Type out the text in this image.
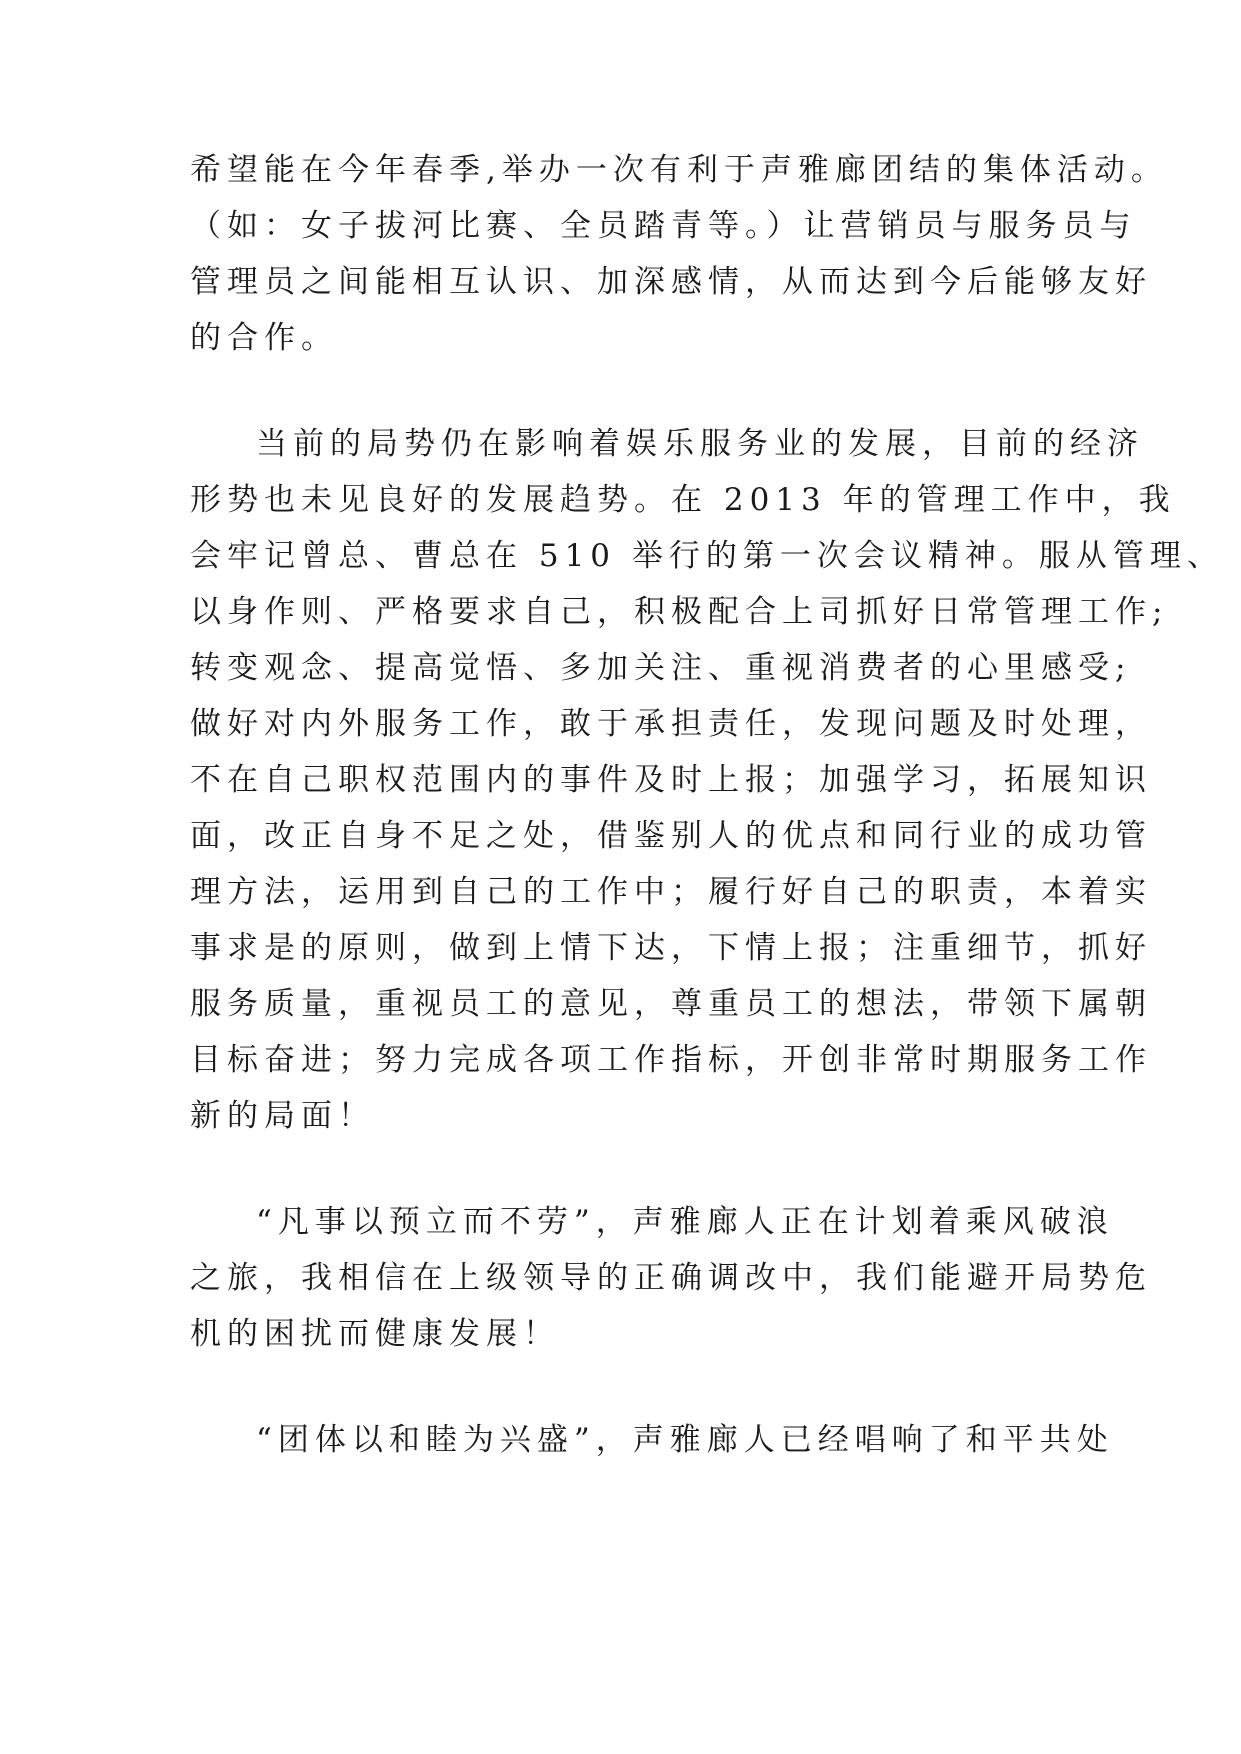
希望能在今年春季,举办一次有利于声雅廊团结的集体活动。
（如：女子拔河比赛、全员踏青等。）让营销员与服务员与
管理员之间能相互认识、加深感情，从而达到今后能够友好
的合作。
当前的局势仍在影响着娱乐服务业的发展，目前的经济
形势也未见良好的发展趋势。在 2013 年的管理工作中，我
会牢记曾总、曹总在 510 举行的第一次会议精神。服从管理、
以身作则、严格要求自己，积极配合上司抓好日常管理工作;
转变观念、提高觉悟、多加关注、重视消费者的心里感受;
做好对内外服务工作，敢于承担责任，发现问题及时处理，
不在自己职权范围内的事件及时上报；加强学习，拓展知识
面，改正自身不足之处，借鉴别人的优点和同行业的成功管
理方法，运用到自己的工作中；履行好自己的职责，本着实
事求是的原则，做到上情下达，下情上报；注重细节，抓好
服务质量，重视员工的意见，尊重员工的想法，带领下属朝
目标奋进；努力完成各项工作指标，开创非常时期服务工作
新的局面！
“凡事以预立而不劳”，声雅廊人正在计划着乘风破浪
之旅，我相信在上级领导的正确调改中，我们能避开局势危
机的困扰而健康发展！
“团体以和睦为兴盛”，声雅廊人已经唱响了和平共处
